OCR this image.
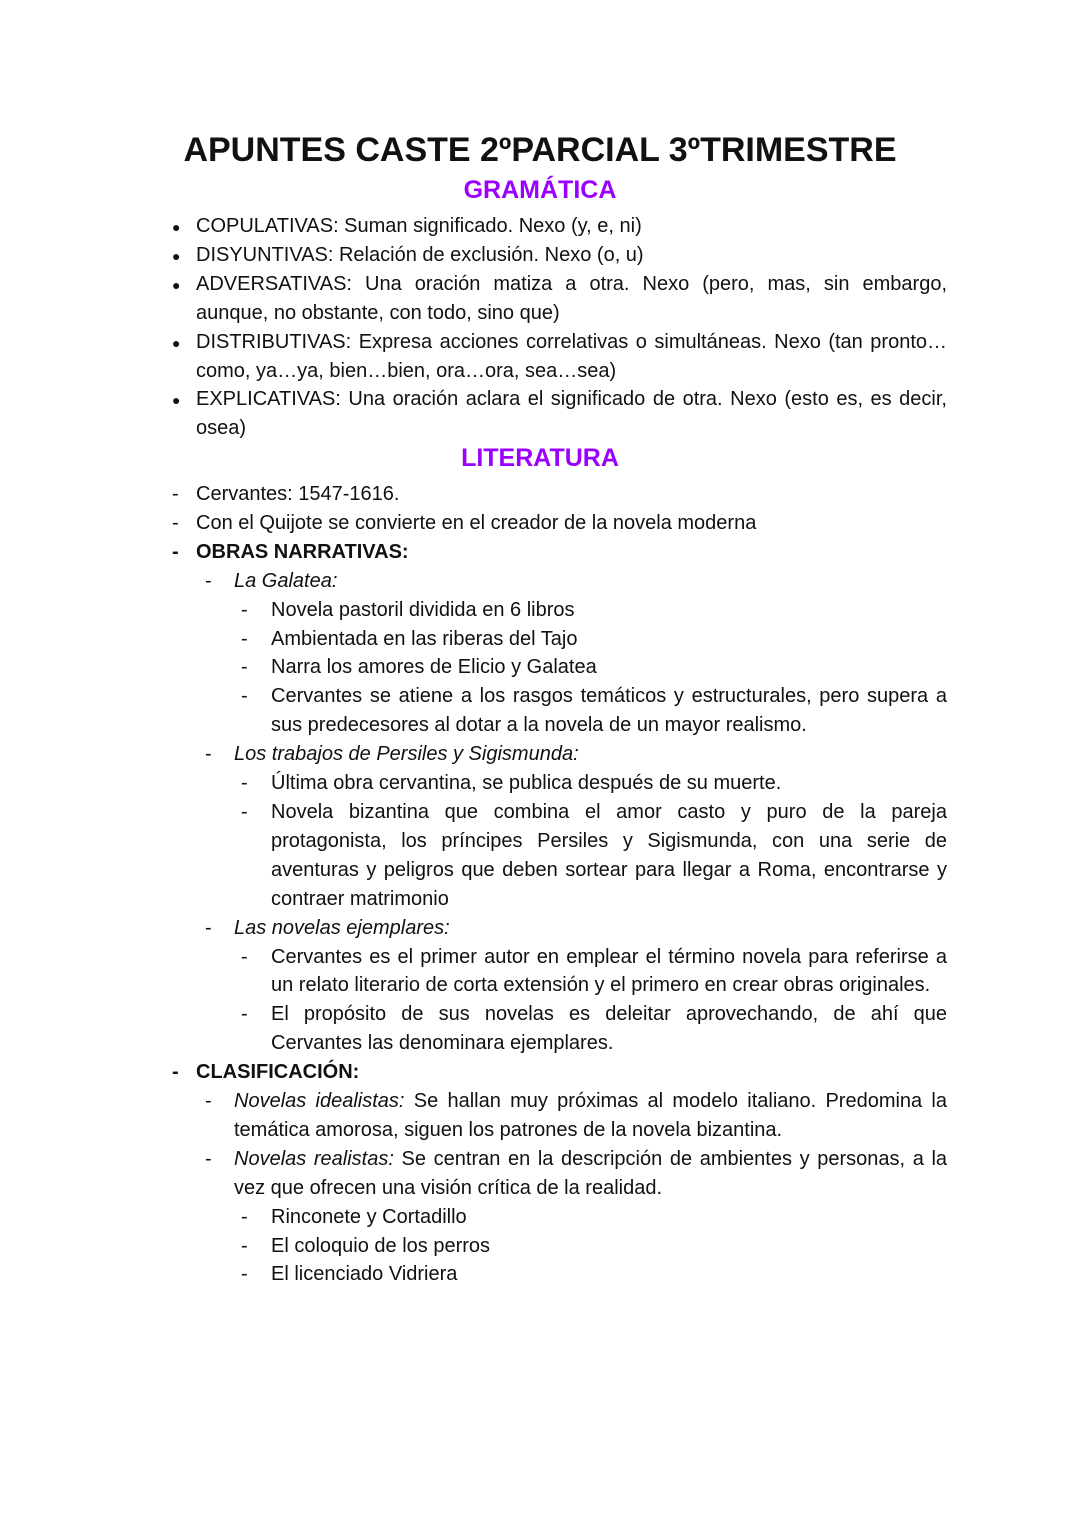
APUNTES CASTE 2ºPARCIAL 3ºTRIMESTRE
GRAMÁTICA
● COPULATIVAS: Suman significado. Nexo (y, e, ni)
● DISYUNTIVAS: Relación de exclusión. Nexo (o, u)
● ADVERSATIVAS: Una oración matiza a otra. Nexo (pero, mas, sin embargo, aunque, no obstante, con todo, sino que)
● DISTRIBUTIVAS: Expresa acciones correlativas o simultáneas. Nexo (tan pronto… como, ya…ya, bien…bien, ora…ora, sea…sea)
● EXPLICATIVAS: Una oración aclara el significado de otra. Nexo (esto es, es decir, osea)
LITERATURA
- Cervantes: 1547-1616.
- Con el Quijote se convierte en el creador de la novela moderna
- OBRAS NARRATIVAS:
- La Galatea:
- Novela pastoril dividida en 6 libros
- Ambientada en las riberas del Tajo
- Narra los amores de Elicio y Galatea
- Cervantes se atiene a los rasgos temáticos y estructurales, pero supera a sus predecesores al dotar a la novela de un mayor realismo.
- Los trabajos de Persiles y Sigismunda:
- Última obra cervantina, se publica después de su muerte.
- Novela bizantina que combina el amor casto y puro de la pareja protagonista, los príncipes Persiles y Sigismunda, con una serie de aventuras y peligros que deben sortear para llegar a Roma, encontrarse y contraer matrimonio
- Las novelas ejemplares:
- Cervantes es el primer autor en emplear el término novela para referirse a un relato literario de corta extensión y el primero en crear obras originales.
- El propósito de sus novelas es deleitar aprovechando, de ahí que Cervantes las denominara ejemplares.
- CLASIFICACIÓN:
- Novelas idealistas: Se hallan muy próximas al modelo italiano. Predomina la temática amorosa, siguen los patrones de la novela bizantina.
- Novelas realistas: Se centran en la descripción de ambientes y personas, a la vez que ofrecen una visión crítica de la realidad.
- Rinconete y Cortadillo
- El coloquio de los perros
- El licenciado Vidriera
